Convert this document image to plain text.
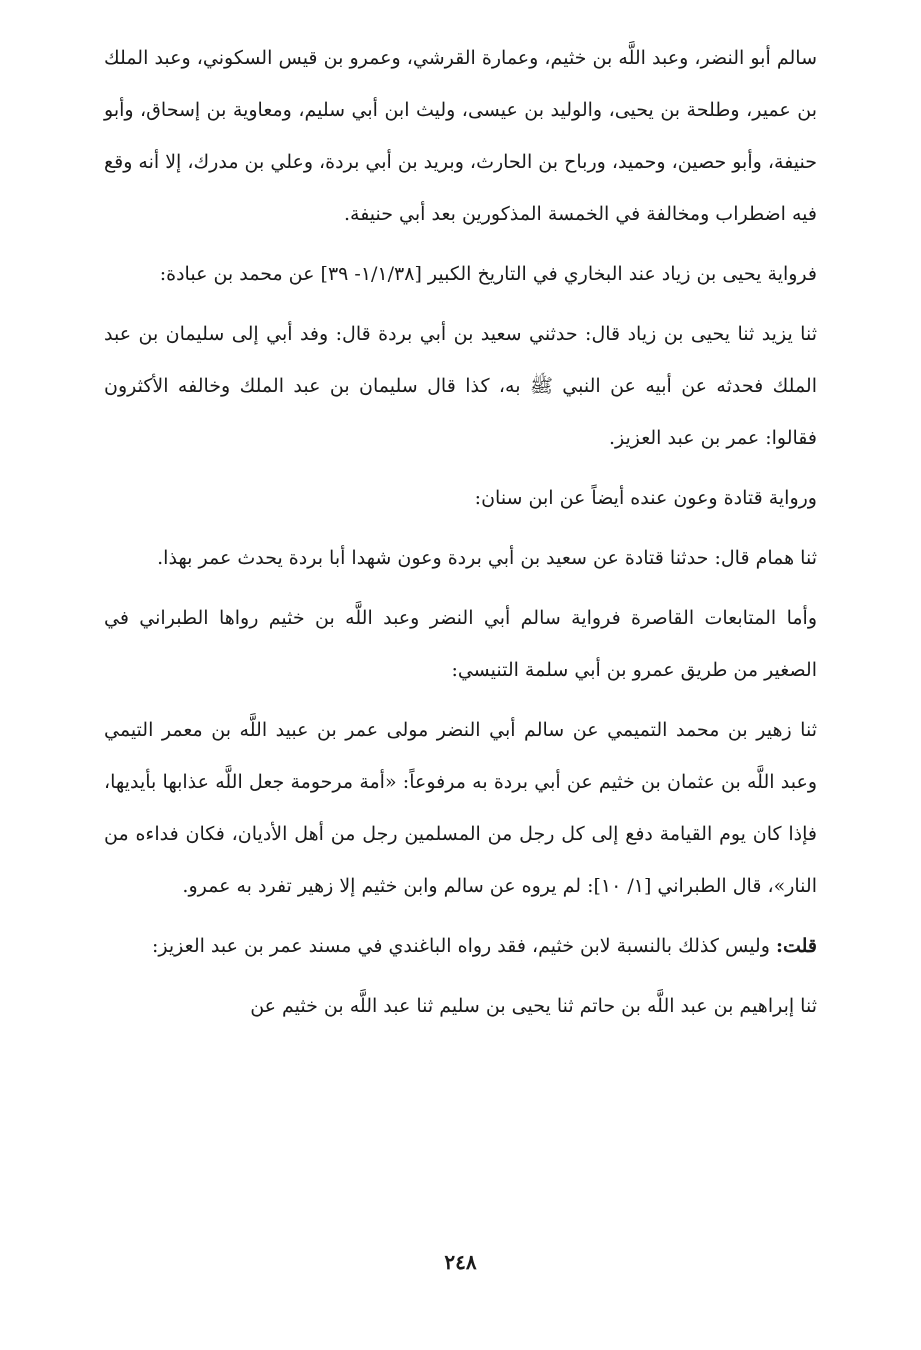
سالم أبو النضر، وعبد اللَّه بن خثيم، وعمارة القرشي، وعمرو بن قيس السكوني، وعبد الملك بن عمير، وطلحة بن يحيى، والوليد بن عيسى، وليث ابن أبي سليم، ومعاوية بن إسحاق، وأبو حنيفة، وأبو حصين، وحميد، ورباح بن الحارث، وبريد بن أبي بردة، وعلي بن مدرك، إلا أنه وقع فيه اضطراب ومخالفة في الخمسة المذكورين بعد أبي حنيفة.

فرواية يحيى بن زياد عند البخاري في التاريخ الكبير [١/١/٣٨- ٣٩] عن محمد بن عبادة:

ثنا يزيد ثنا يحيى بن زياد قال: حدثني سعيد بن أبي بردة قال: وفد أبي إلى سليمان بن عبد الملك فحدثه عن أبيه عن النبي ﷺ به، كذا قال سليمان بن عبد الملك وخالفه الأكثرون فقالوا: عمر بن عبد العزيز.

ورواية قتادة وعون عنده أيضاً عن ابن سنان:

ثنا همام قال: حدثنا قتادة عن سعيد بن أبي بردة وعون شهدا أبا بردة يحدث عمر بهذا.

وأما المتابعات القاصرة فرواية سالم أبي النضر وعبد اللَّه بن خثيم رواها الطبراني في الصغير من طريق عمرو بن أبي سلمة التنيسي:

ثنا زهير بن محمد التميمي عن سالم أبي النضر مولى عمر بن عبيد اللَّه بن معمر التيمي وعبد اللَّه بن عثمان بن خثيم عن أبي بردة به مرفوعاً: «أمة مرحومة جعل اللَّه عذابها بأيديها، فإذا كان يوم القيامة دفع إلى كل رجل من المسلمين رجل من أهل الأديان، فكان فداءه من النار»، قال الطبراني [١/ ١٠]: لم يروه عن سالم وابن خثيم إلا زهير تفرد به عمرو.

قلت: وليس كذلك بالنسبة لابن خثيم، فقد رواه الباغندي في مسند عمر بن عبد العزيز:

ثنا إبراهيم بن عبد اللَّه بن حاتم ثنا يحيى بن سليم ثنا عبد اللَّه بن خثيم عن

٢٤٨
